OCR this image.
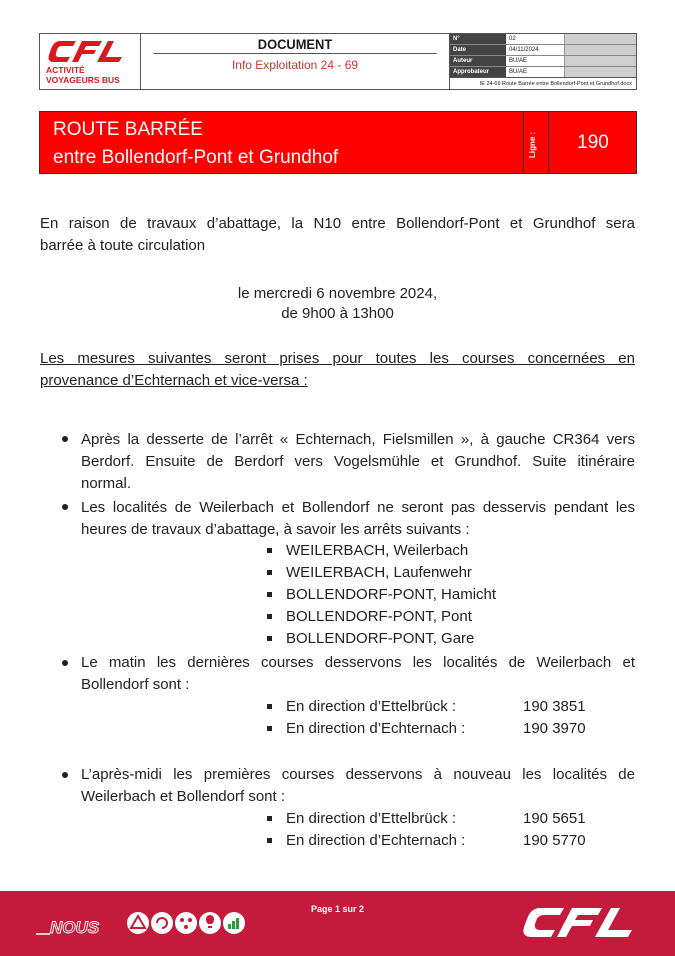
ACTIVITÉ
VOYAGEURS BUS
DOCUMENT
Info Exploitation 24 - 69
N°	02
Date	04/11/2024
Auteur	BU/AE
Approbateur	BU/AE
IE 24-69 Route Barrée entre Bollendorf-Pont et Grundhof.docx
ROUTE BARRÉE
entre Bollendorf-Pont et Grundhof	Ligne :	190
En raison de travaux d’abattage, la N10 entre Bollendorf-Pont et Grundhof sera
barrée à toute circulation
le mercredi 6 novembre 2024,
de 9h00 à 13h00
Les mesures suivantes seront prises pour toutes les courses concernées en
provenance d’Echternach et vice-versa :
Après la desserte de l’arrêt « Echternach, Fielsmillen », à gauche CR364 vers
Berdorf. Ensuite de Berdorf vers Vogelsmühle et Grundhof. Suite itinéraire
normal.
Les localités de Weilerbach et Bollendorf ne seront pas desservis pendant les
heures de travaux d’abattage, à savoir les arrêts suivants :
WEILERBACH, Weilerbach
WEILERBACH, Laufenwehr
BOLLENDORF-PONT, Hamicht
BOLLENDORF-PONT, Pont
BOLLENDORF-PONT, Gare
Le matin les dernières courses desservons les localités de Weilerbach et
Bollendorf sont :
En direction d’Ettelbrück :	190 3851
En direction d’Echternach :	190 3970
L’après-midi les premières courses desservons à nouveau les localités de
Weilerbach et Bollendorf sont :
En direction d’Ettelbrück :	190 5651
En direction d’Echternach :	190 5770
Page 1 sur 2
NOUS
